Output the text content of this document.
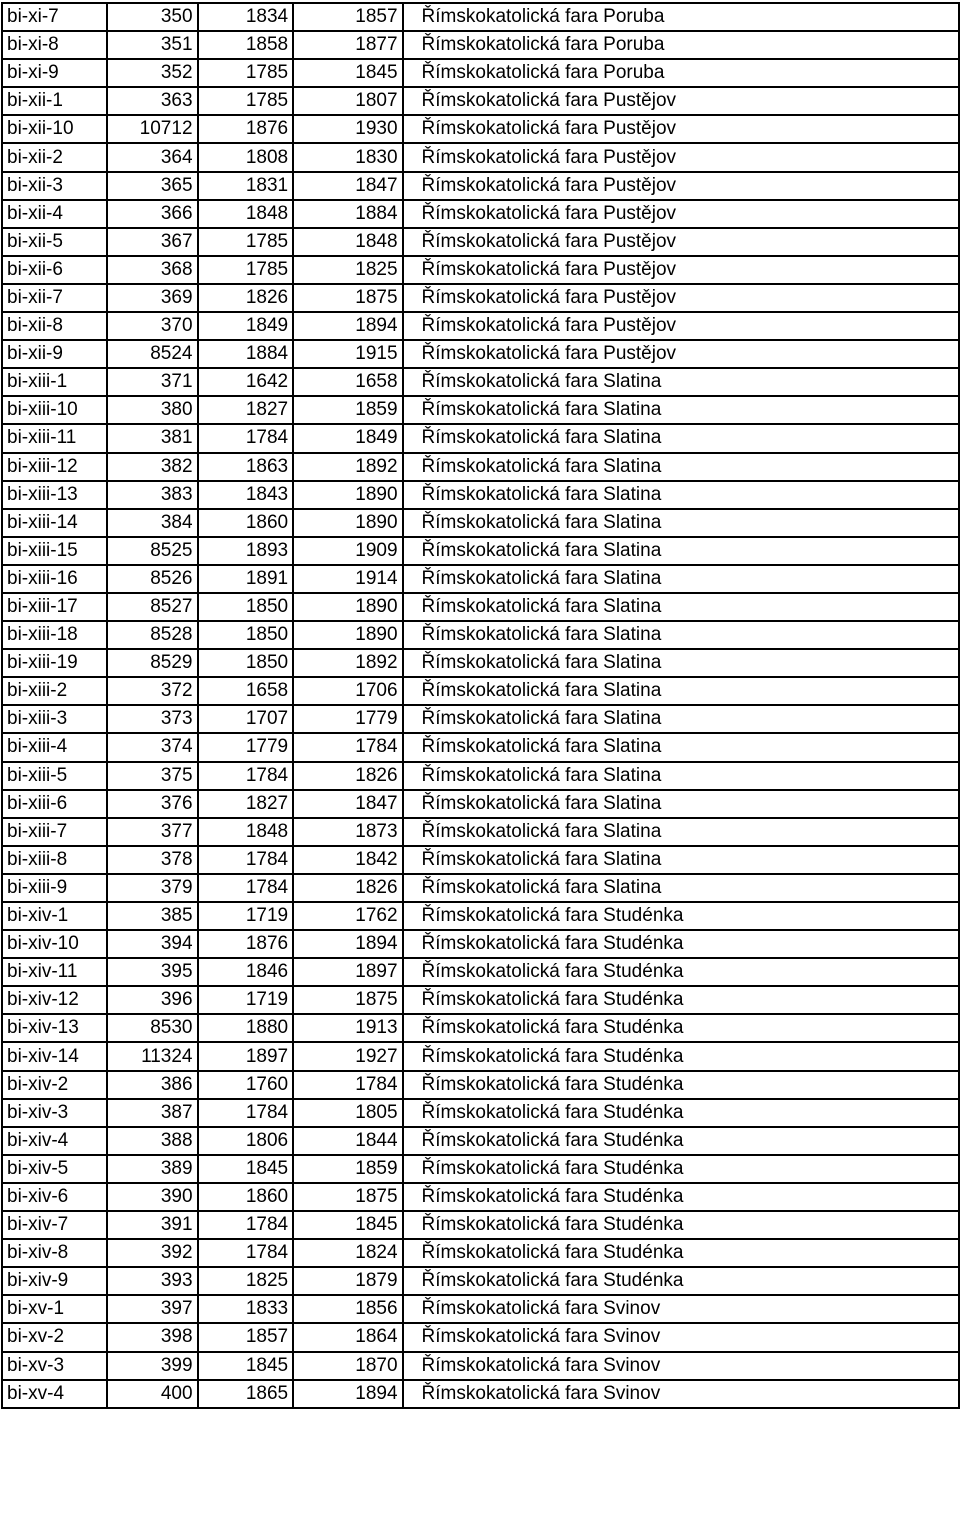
bi-xi-7	350	1834	1857	Římskokatolická fara Poruba
bi-xi-8	351	1858	1877	Římskokatolická fara Poruba
bi-xi-9	352	1785	1845	Římskokatolická fara Poruba
bi-xii-1	363	1785	1807	Římskokatolická fara Pustějov
bi-xii-10	10712	1876	1930	Římskokatolická fara Pustějov
bi-xii-2	364	1808	1830	Římskokatolická fara Pustějov
bi-xii-3	365	1831	1847	Římskokatolická fara Pustějov
bi-xii-4	366	1848	1884	Římskokatolická fara Pustějov
bi-xii-5	367	1785	1848	Římskokatolická fara Pustějov
bi-xii-6	368	1785	1825	Římskokatolická fara Pustějov
bi-xii-7	369	1826	1875	Římskokatolická fara Pustějov
bi-xii-8	370	1849	1894	Římskokatolická fara Pustějov
bi-xii-9	8524	1884	1915	Římskokatolická fara Pustějov
bi-xiii-1	371	1642	1658	Římskokatolická fara Slatina
bi-xiii-10	380	1827	1859	Římskokatolická fara Slatina
bi-xiii-11	381	1784	1849	Římskokatolická fara Slatina
bi-xiii-12	382	1863	1892	Římskokatolická fara Slatina
bi-xiii-13	383	1843	1890	Římskokatolická fara Slatina
bi-xiii-14	384	1860	1890	Římskokatolická fara Slatina
bi-xiii-15	8525	1893	1909	Římskokatolická fara Slatina
bi-xiii-16	8526	1891	1914	Římskokatolická fara Slatina
bi-xiii-17	8527	1850	1890	Římskokatolická fara Slatina
bi-xiii-18	8528	1850	1890	Římskokatolická fara Slatina
bi-xiii-19	8529	1850	1892	Římskokatolická fara Slatina
bi-xiii-2	372	1658	1706	Římskokatolická fara Slatina
bi-xiii-3	373	1707	1779	Římskokatolická fara Slatina
bi-xiii-4	374	1779	1784	Římskokatolická fara Slatina
bi-xiii-5	375	1784	1826	Římskokatolická fara Slatina
bi-xiii-6	376	1827	1847	Římskokatolická fara Slatina
bi-xiii-7	377	1848	1873	Římskokatolická fara Slatina
bi-xiii-8	378	1784	1842	Římskokatolická fara Slatina
bi-xiii-9	379	1784	1826	Římskokatolická fara Slatina
bi-xiv-1	385	1719	1762	Římskokatolická fara Studénka
bi-xiv-10	394	1876	1894	Římskokatolická fara Studénka
bi-xiv-11	395	1846	1897	Římskokatolická fara Studénka
bi-xiv-12	396	1719	1875	Římskokatolická fara Studénka
bi-xiv-13	8530	1880	1913	Římskokatolická fara Studénka
bi-xiv-14	11324	1897	1927	Římskokatolická fara Studénka
bi-xiv-2	386	1760	1784	Římskokatolická fara Studénka
bi-xiv-3	387	1784	1805	Římskokatolická fara Studénka
bi-xiv-4	388	1806	1844	Římskokatolická fara Studénka
bi-xiv-5	389	1845	1859	Římskokatolická fara Studénka
bi-xiv-6	390	1860	1875	Římskokatolická fara Studénka
bi-xiv-7	391	1784	1845	Římskokatolická fara Studénka
bi-xiv-8	392	1784	1824	Římskokatolická fara Studénka
bi-xiv-9	393	1825	1879	Římskokatolická fara Studénka
bi-xv-1	397	1833	1856	Římskokatolická fara Svinov
bi-xv-2	398	1857	1864	Římskokatolická fara Svinov
bi-xv-3	399	1845	1870	Římskokatolická fara Svinov
bi-xv-4	400	1865	1894	Římskokatolická fara Svinov
